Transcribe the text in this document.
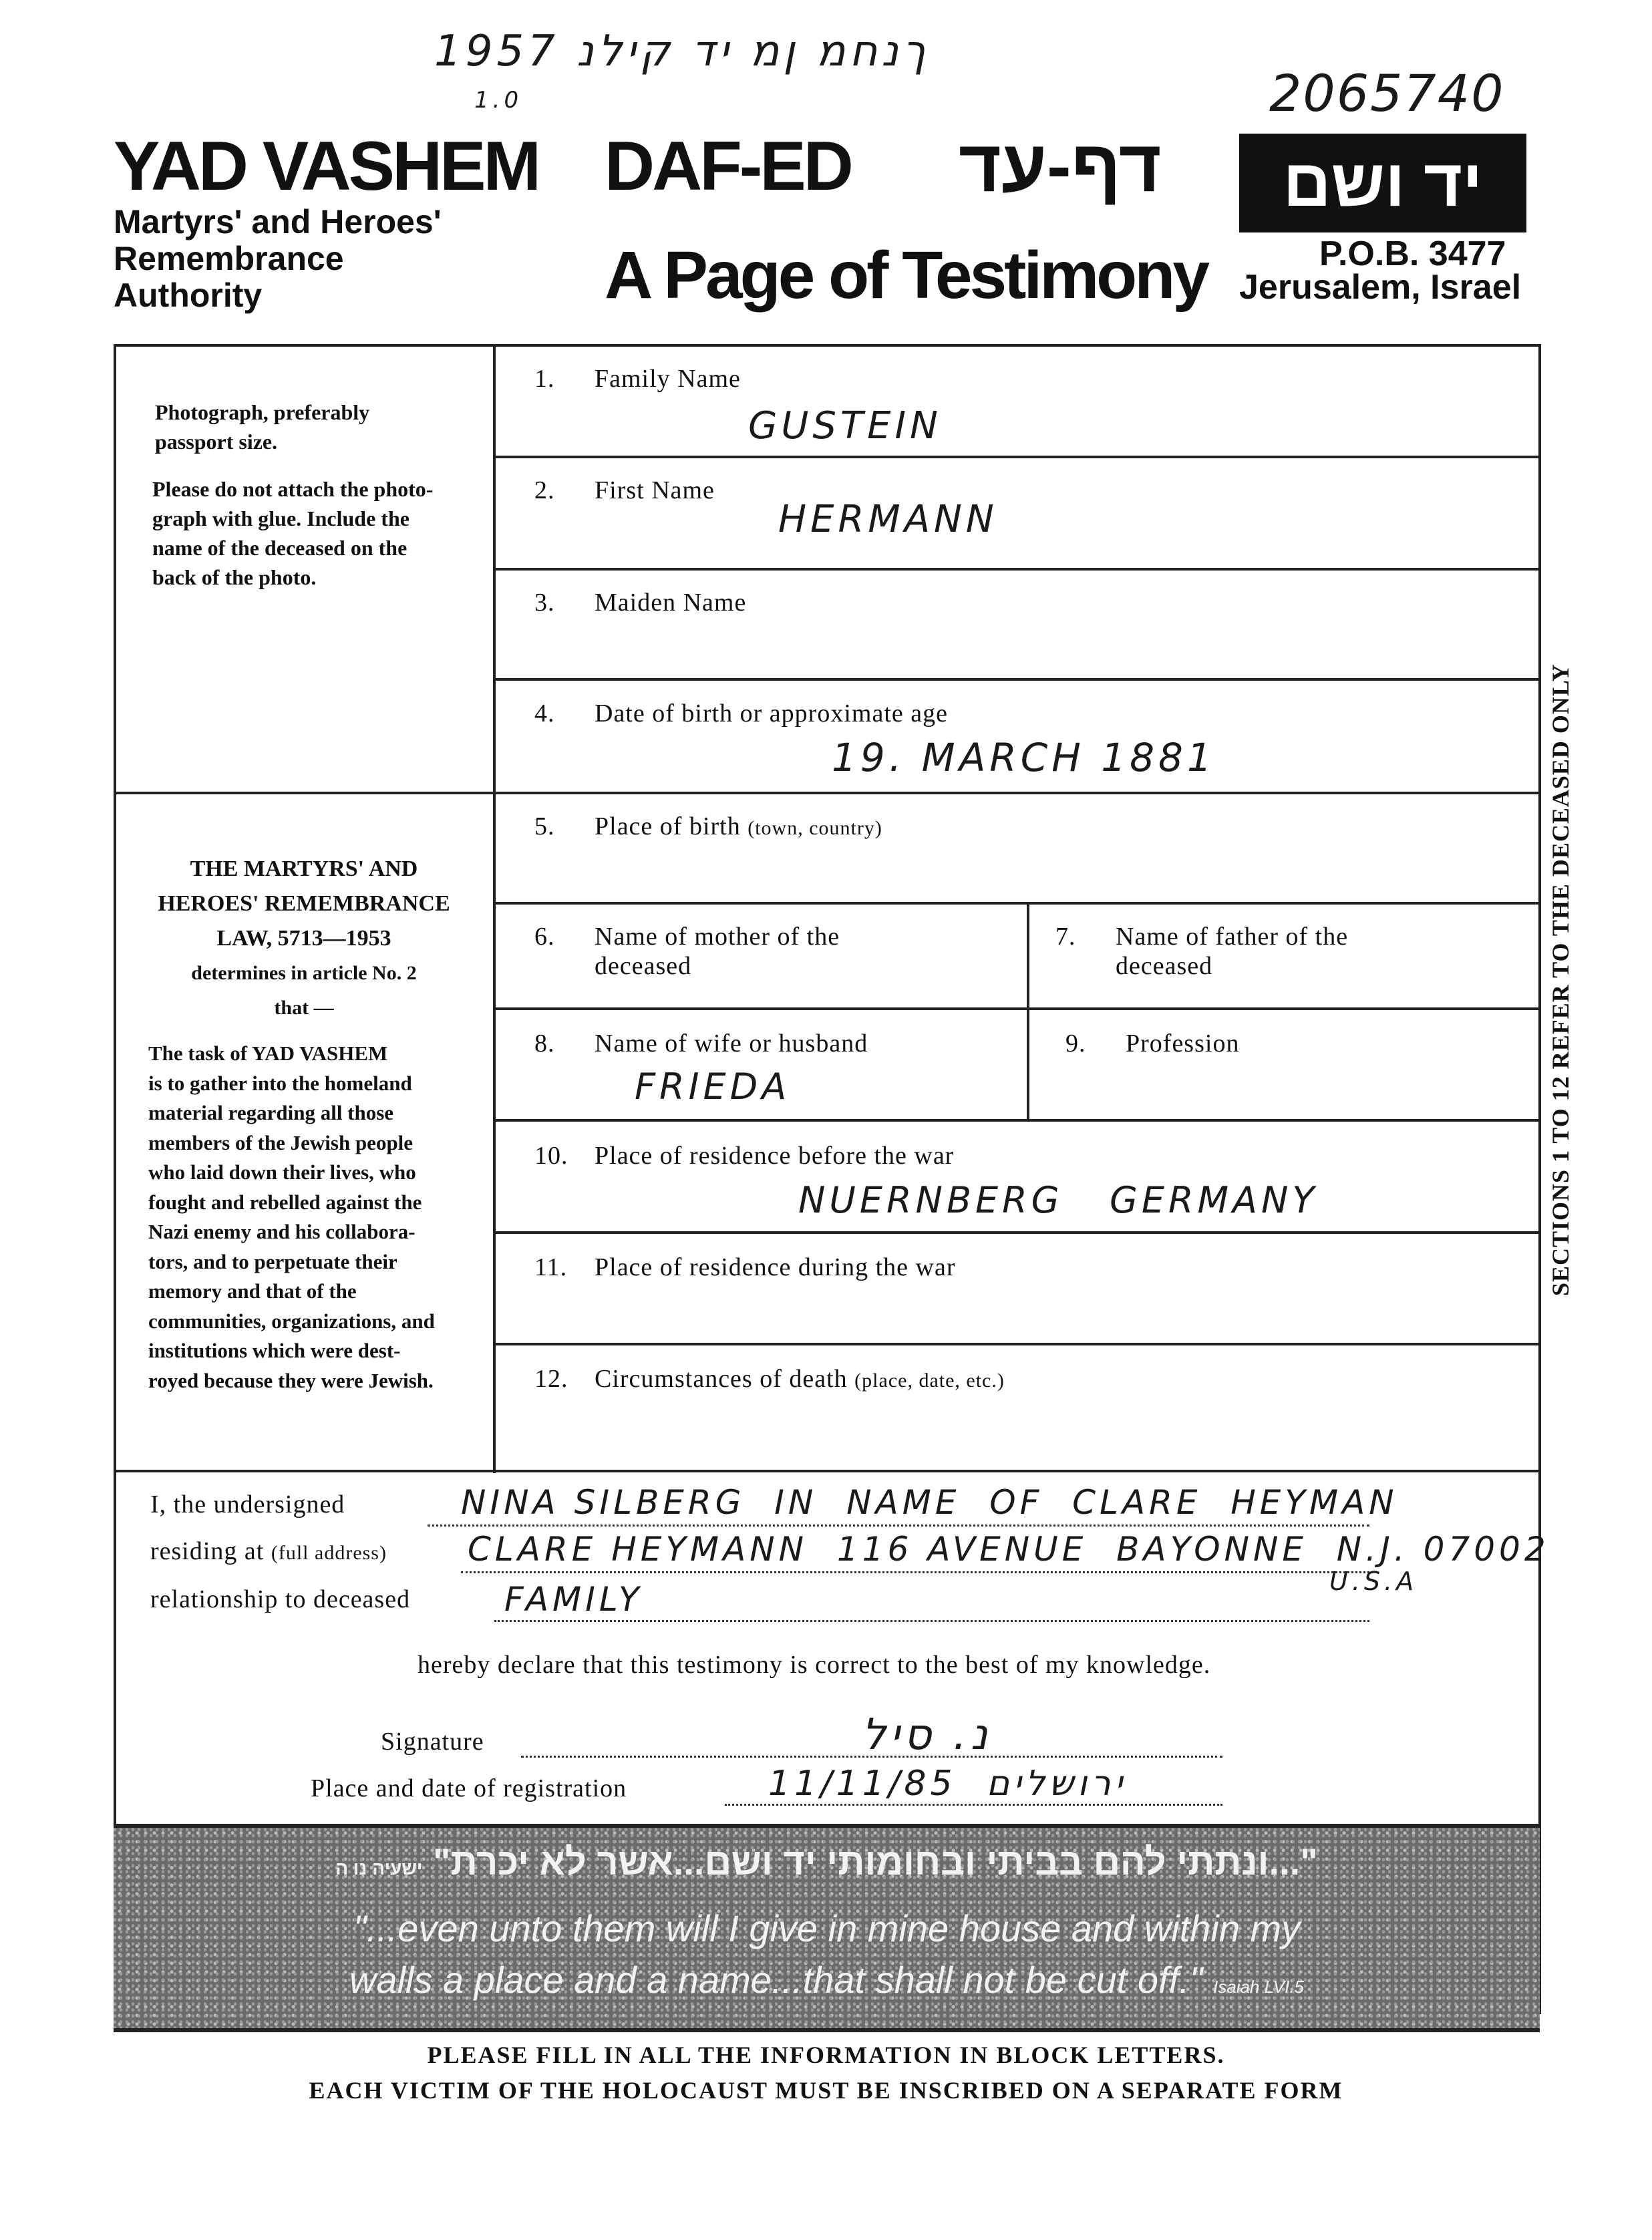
1957 ךנחמ ןמ יד קילנ
1.0	2065740
YAD VASHEM
Martyrs' and Heroes'
Remembrance
Authority
DAF-ED דף-עד
A Page of Testimony
יד ושם
P.O.B. 3477
Jerusalem, Israel
Photograph, preferably
passport size.
Please do not attach the photo-
graph with glue. Include the
name of the deceased on the
back of the photo.
THE MARTYRS' AND
HEROES' REMEMBRANCE
LAW, 5713—1953
determines in article No. 2
that —
The task of YAD VASHEM
is to gather into the homeland
material regarding all those
members of the Jewish people
who laid down their lives, who
fought and rebelled against the
Nazi enemy and his collabora-
tors, and to perpetuate their
memory and that of the
communities, organizations, and
institutions which were dest-
royed because they were Jewish.
SECTIONS 1 TO 12 REFER TO THE DECEASED ONLY
1. Family Name
GUSTEIN
2. First Name
HERMANN
3. Maiden Name
4. Date of birth or approximate age
19. MARCH 1881
5. Place of birth (town, country)
6. Name of mother of the
deceased
7. Name of father of the
deceased
8. Name of wife or husband
FRIEDA
9. Profession
10. Place of residence before the war
NUERNBERG   GERMANY
11. Place of residence during the war
12. Circumstances of death (place, date, etc.)
I, the undersigned	NINA SILBERG  IN  NAME  OF  CLARE  HEYMAN
residing at (full address) CLARE HEYMANN  116 AVENUE  BAYONNE  N.J. 07002
U.S.A
relationship to deceased	FAMILY
hereby declare that this testimony is correct to the best of my knowledge.
Signature	נ. סיל
Place and date of registration	11/11/85  ירושלים
"...ונתתי להם בביתי ובחומותי יד ושם...אשר לא יכרת" ישעיה נו ה
"...even unto them will I give in mine house and within my
walls a place and a name...that shall not be cut off." Isaiah LVI.5
PLEASE FILL IN ALL THE INFORMATION IN BLOCK LETTERS.
EACH VICTIM OF THE HOLOCAUST MUST BE INSCRIBED ON A SEPARATE FORM
